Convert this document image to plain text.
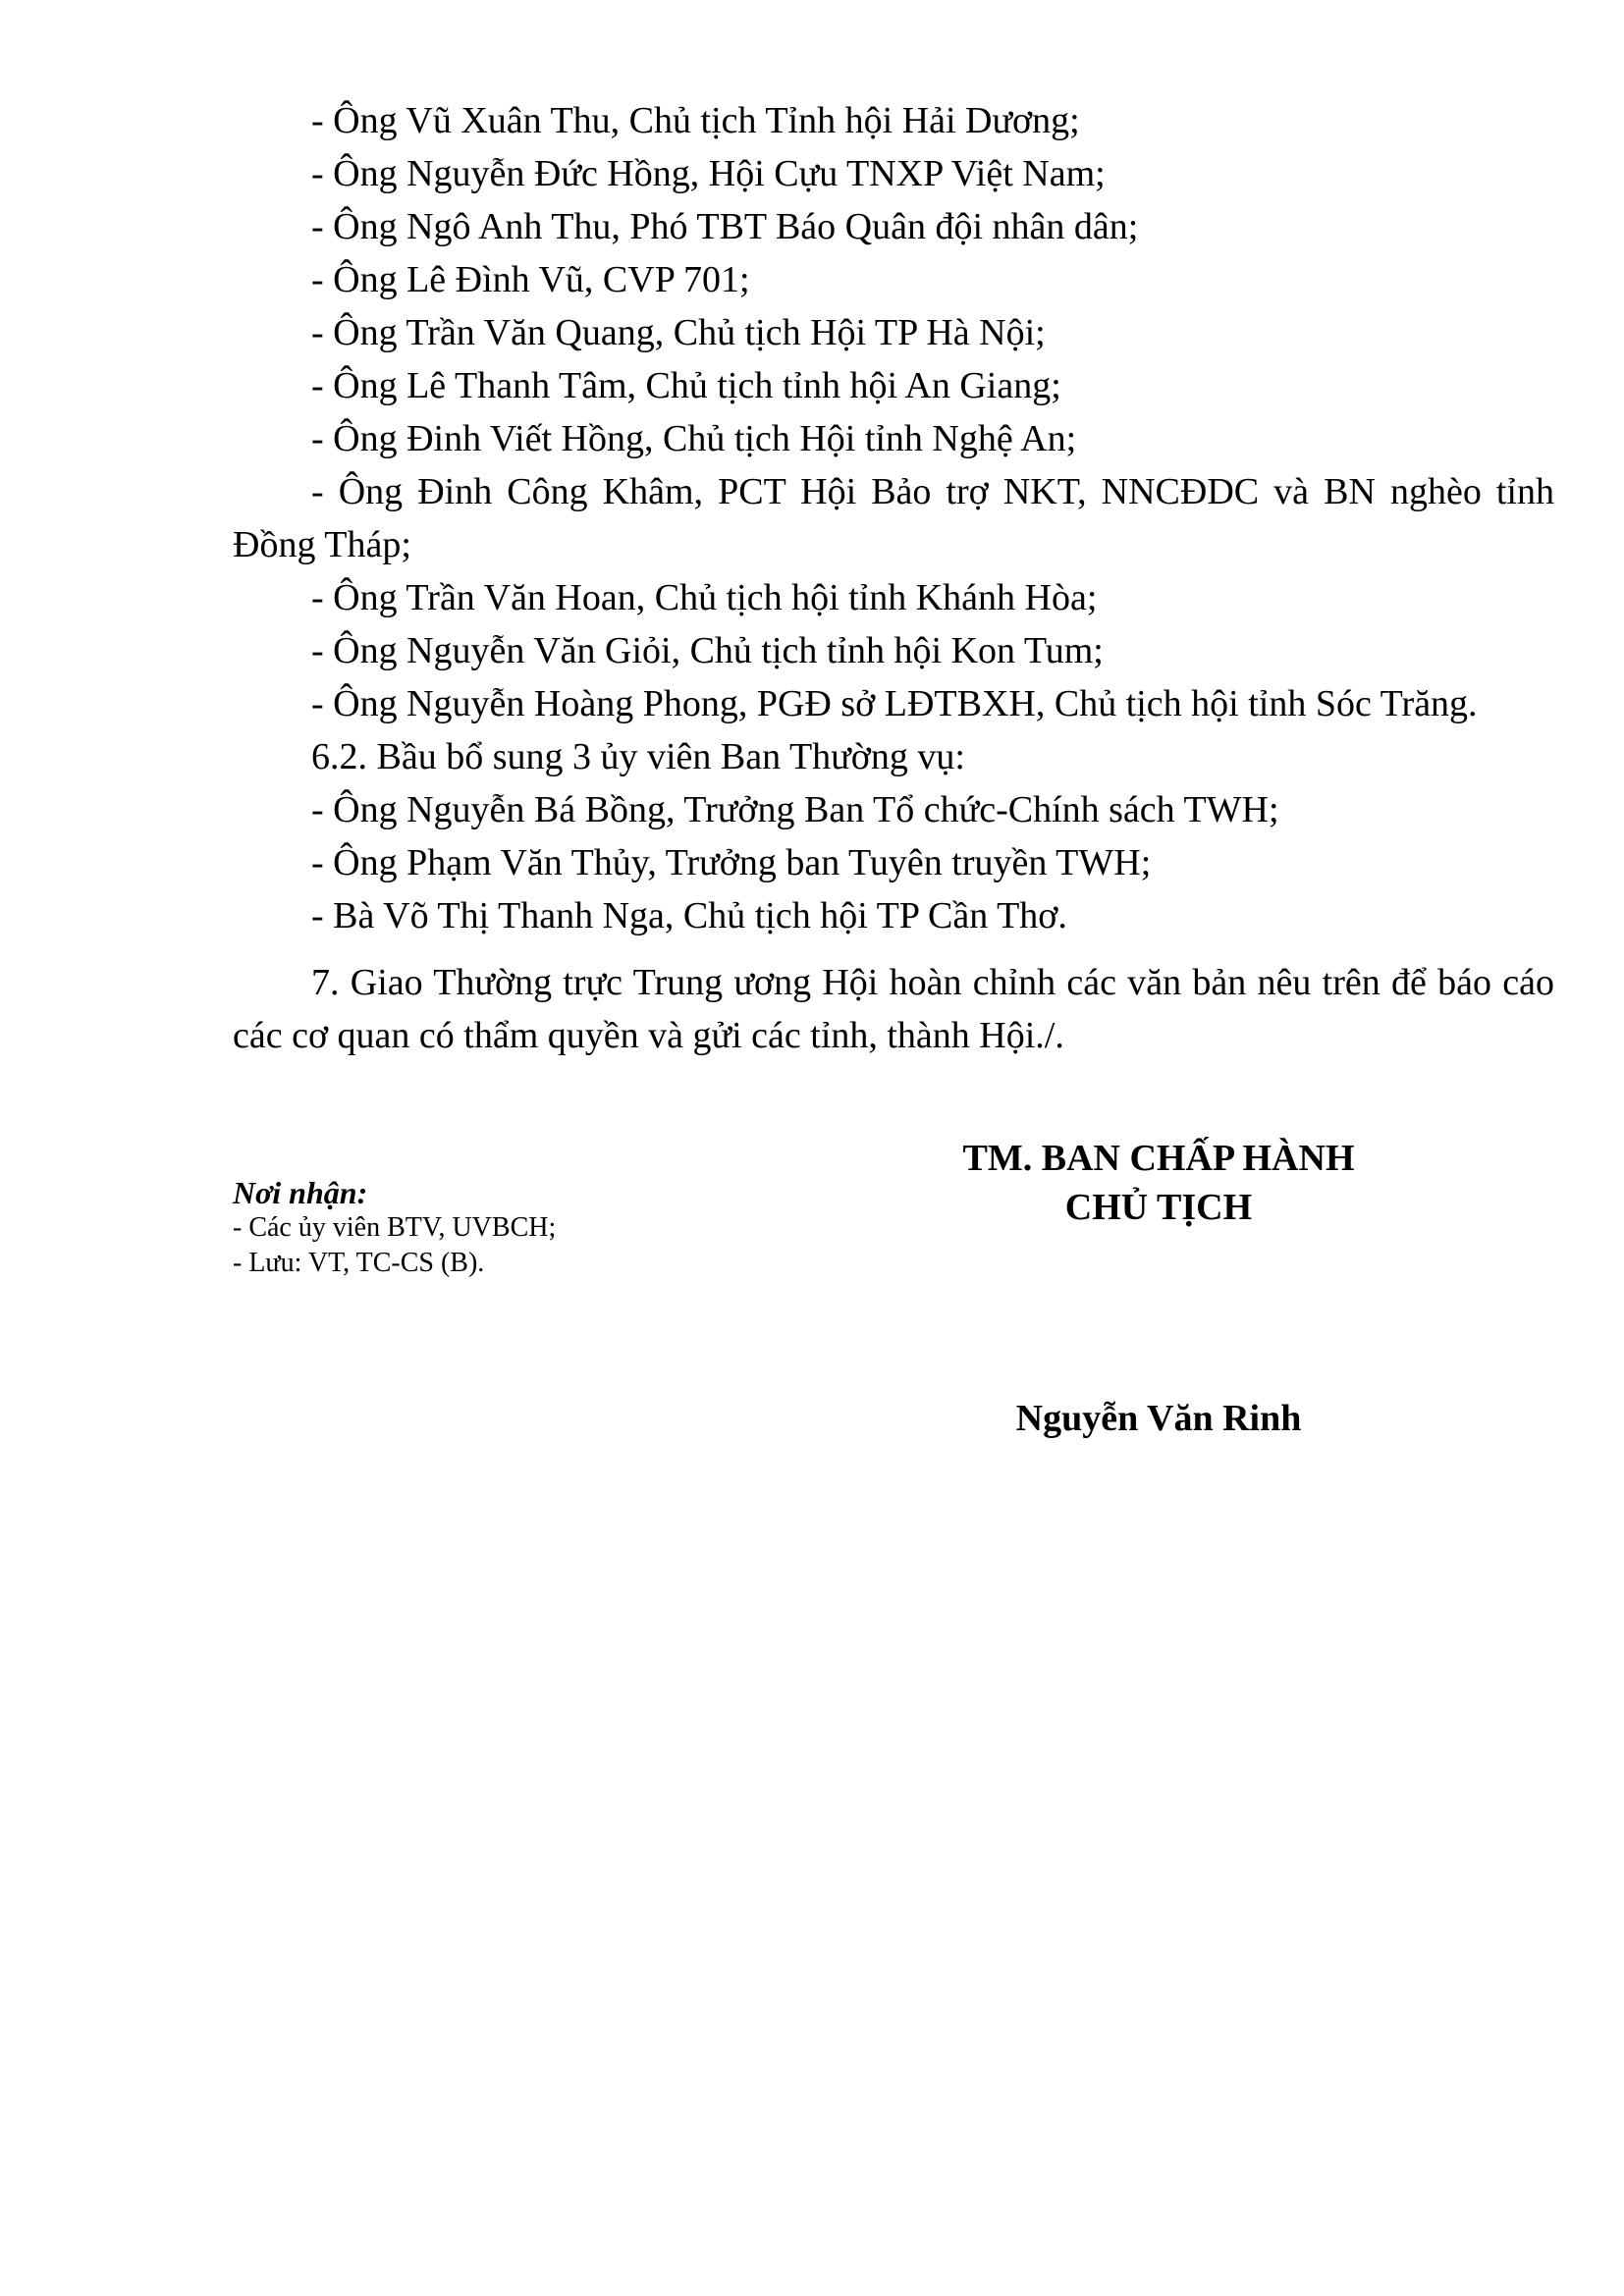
- Ông Vũ Xuân Thu, Chủ tịch Tỉnh hội Hải Dương;
- Ông Nguyễn Đức Hồng, Hội Cựu TNXP Việt Nam;
- Ông Ngô Anh Thu, Phó TBT Báo Quân đội nhân dân;
- Ông Lê Đình Vũ, CVP 701;
- Ông Trần Văn Quang, Chủ tịch Hội TP Hà Nội;
- Ông Lê Thanh Tâm, Chủ tịch tỉnh hội An Giang;
- Ông Đinh Viết Hồng, Chủ tịch Hội tỉnh Nghệ An;
- Ông Đinh Công Khâm, PCT Hội Bảo trợ NKT, NNCĐDC và BN nghèo tỉnh Đồng Tháp;
- Ông Trần Văn Hoan, Chủ tịch hội tỉnh Khánh Hòa;
- Ông Nguyễn Văn Giỏi, Chủ tịch tỉnh hội Kon Tum;
- Ông Nguyễn Hoàng Phong, PGĐ sở LĐTBXH, Chủ tịch hội tỉnh Sóc Trăng.
6.2. Bầu bổ sung 3 ủy viên Ban Thường vụ:
- Ông Nguyễn Bá Bồng, Trưởng Ban Tổ chức-Chính sách TWH;
- Ông Phạm Văn Thủy, Trưởng ban Tuyên truyền TWH;
- Bà Võ Thị Thanh Nga, Chủ tịch hội TP Cần Thơ.
7. Giao Thường trực Trung ương Hội hoàn chỉnh các văn bản nêu trên để báo cáo các cơ quan có thẩm quyền và gửi các tỉnh, thành Hội./.
Nơi nhận:
- Các ủy viên BTV, UVBCH;
- Lưu: VT, TC-CS (B).
TM. BAN CHẤP HÀNH
CHỦ TỊCH
Nguyễn Văn Rinh
